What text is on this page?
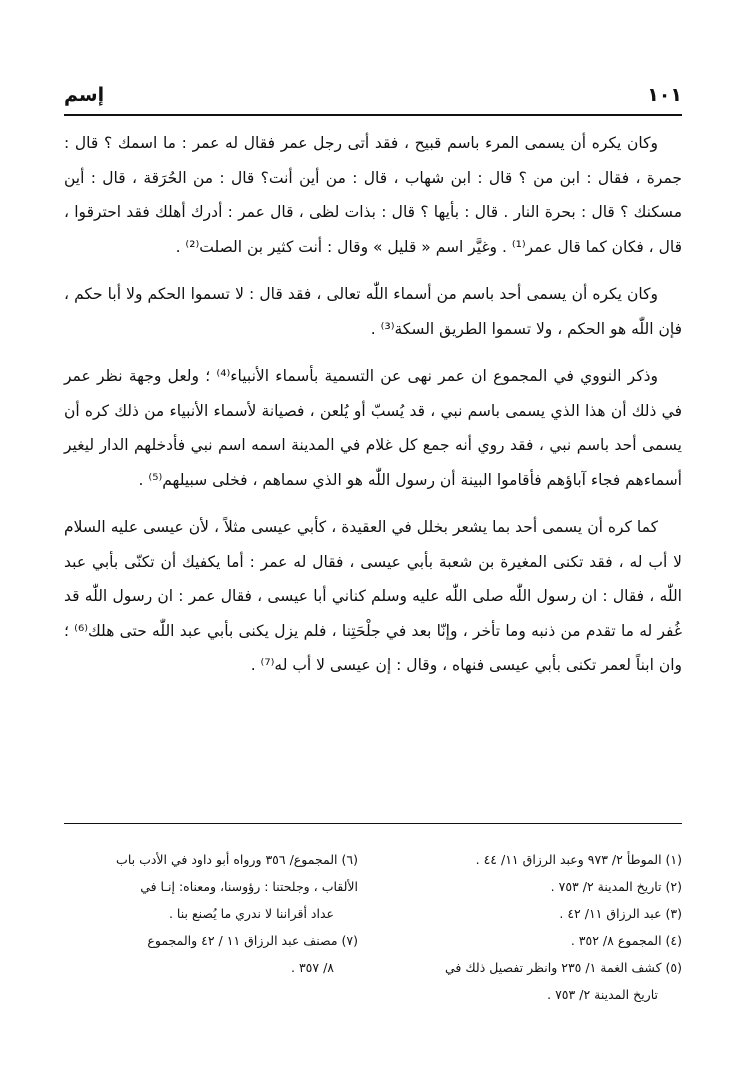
١٠١
إسم

وكان يكره أن يسمى المرء باسم قبيح ، فقد أتى رجل عمر فقال له عمر : ما اسمك ؟ قال : جمرة ، فقال : ابن من ؟ قال : ابن شهاب ، قال : من أين أنت؟ قال : من الحُرَقة ، قال : أين مسكنك ؟ قال : بحرة النار . قال : بأيها ؟ قال : بذات لظى ، قال عمر : أدرك أهلك فقد احترقوا ، قال ، فكان كما قال عمر⁽¹⁾ . وغيَّر اسم « قليل » وقال : أنت كثير بن الصلت⁽²⁾ .

وكان يكره أن يسمى أحد باسم من أسماء اللّٰه تعالى ، فقد قال : لا تسموا الحكم ولا أبا حكم ، فإن اللّٰه هو الحكم ، ولا تسموا الطريق السكة⁽³⁾ .

وذكر النووي في المجموع ان عمر نهى عن التسمية بأسماء الأنبياء⁽⁴⁾ ؛ ولعل وجهة نظر عمر في ذلك أن هذا الذي يسمى باسم نبي ، قد يُسبّ أو يُلعن ، فصيانة لأسماء الأنبياء من ذلك كره أن يسمى أحد باسم نبي ، فقد روي أنه جمع كل غلام في المدينة اسمه اسم نبي فأدخلهم الدار ليغير أسماءهم فجاء آباؤهم فأقاموا البينة أن رسول اللّٰه هو الذي سماهم ، فخلى سبيلهم⁽⁵⁾ .

كما كره أن يسمى أحد بما يشعر بخلل في العقيدة ، كأبي عيسى مثلاً ، لأن عيسى عليه السلام لا أب له ، فقد تكنى المغيرة بن شعبة بأبي عيسى ، فقال له عمر : أما يكفيك أن تكنّى بأبي عبد اللّٰه ، فقال : ان رسول اللّٰه صلى اللّٰه عليه وسلم كناني أبا عيسى ، فقال عمر : ان رسول اللّٰه قد غُفر له ما تقدم من ذنبه وما تأخر ، وإنّا بعد في جلْحَتِنا ، فلم يزل يكنى بأبي عبد اللّٰه حتى هلك⁽⁶⁾ ؛ وان ابناً لعمر تكنى بأبي عيسى فنهاه ، وقال : إن عيسى لا أب له⁽⁷⁾ .

(١) الموطأ ٢/ ٩٧٣ وعبد الرزاق ١١/ ٤٤ .
(٢) تاريخ المدينة ٢/ ٧٥٣ .
(٣) عبد الرزاق ١١/ ٤٢ .
(٤) المجموع ٨/ ٣٥٢ .
(٥) كشف الغمة ١/ ٢٣٥ وانظر تفصيل ذلك في
تاريخ المدينة ٢/ ٧٥٣ .
(٦) المجموع/ ٣٥٦ ورواه أبو داود في الأدب باب
الألقاب ، وجلحتنا : رؤوسنا، ومعناه: إنـا في
عداد أقراننا لا ندري ما يُصنع بنا .
(٧) مصنف عبد الرزاق ١١ / ٤٢ والمجموع
٨/ ٣٥٧ .
